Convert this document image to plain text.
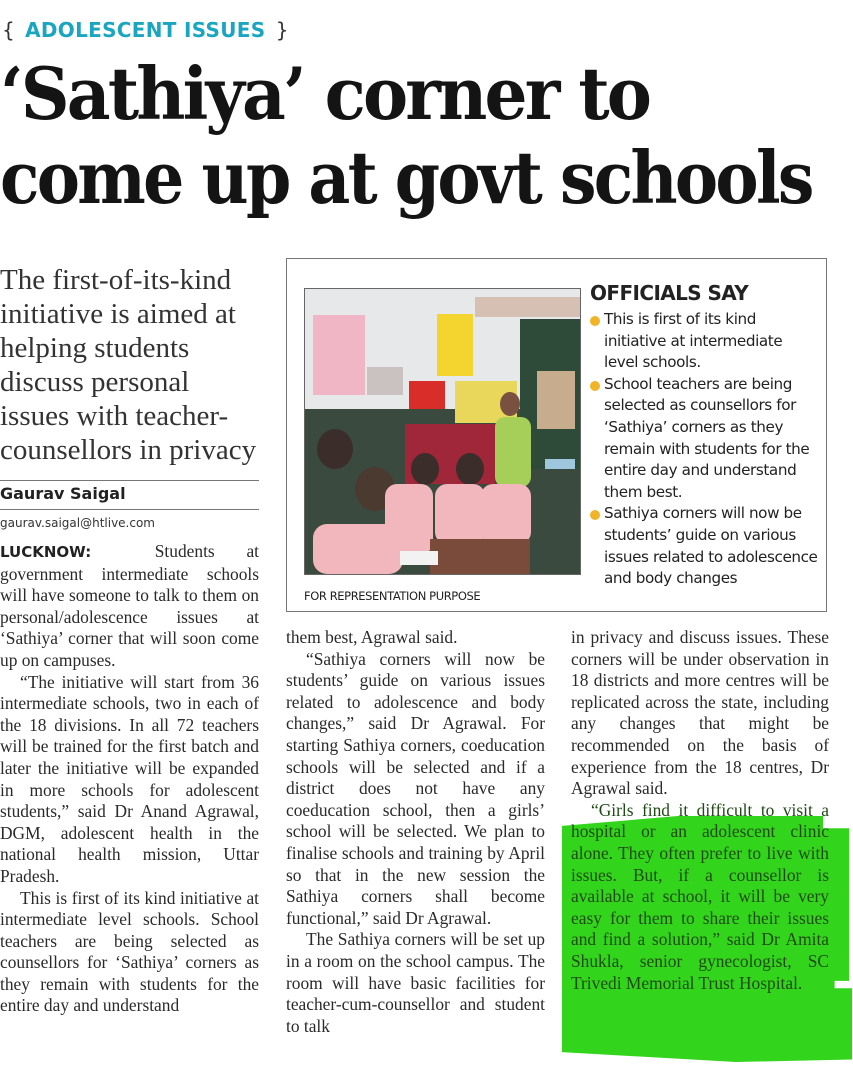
{ ADOLESCENT ISSUES }
‘Sathiya’ corner to
come up at govt schools
The first-of-its-kind initiative is aimed at helping students discuss personal issues with teacher-counsellors in privacy
Gaurav Saigal
gaurav.saigal@htlive.com

LUCKNOW:	Students at government intermediate schools will have someone to talk to them on personal/adolescence issues at ‘Sathiya’ corner that will soon come up on campuses.

“The initiative will start from 36 intermediate schools, two in each of the 18 divisions. In all 72 teachers will be trained for the first batch and later the initiative will be expanded in more schools for adolescent students,” said Dr Anand Agrawal, DGM, adolescent health in the national health mission, Uttar Pradesh.

This is first of its kind initiative at intermediate level schools. School teachers are being selected as counsellors for ‘Sathiya’ corners as they remain with students for the entire day and understand

FOR REPRESENTATION PURPOSE
OFFICIALS SAY
This is first of its kind initiative at intermediate level schools.
School teachers are being selected as counsellors for ‘Sathiya’ corners as they remain with students for the entire day and understand them best.
Sathiya corners will now be students’ guide on various issues related to adolescence and body changes

them best, Agrawal said.

“Sathiya corners will now be students’ guide on various issues related to adolescence and body changes,” said Dr Agrawal. For starting Sathiya corners, coeducation schools will be selected and if a district does not have any coeducation school, then a girls’ school will be selected. We plan to finalise schools and training by April so that in the new session the Sathiya corners shall become functional,” said Dr Agrawal.

The Sathiya corners will be set up in a room on the school campus. The room will have basic facilities for teacher-cum-counsellor and student to talk

in privacy and discuss issues. These corners will be under observation in 18 districts and more centres will be replicated across the state, including any changes that might be recommended on the basis of experience from the 18 centres, Dr Agrawal said.

“Girls find it difficult to visit a hospital or an adolescent clinic alone. They often prefer to live with issues. But, if a counsellor is available at school, it will be very easy for them to share their issues and find a solution,” said Dr Amita Shukla, senior gynecologist, SC Trivedi Memorial Trust Hospital.
